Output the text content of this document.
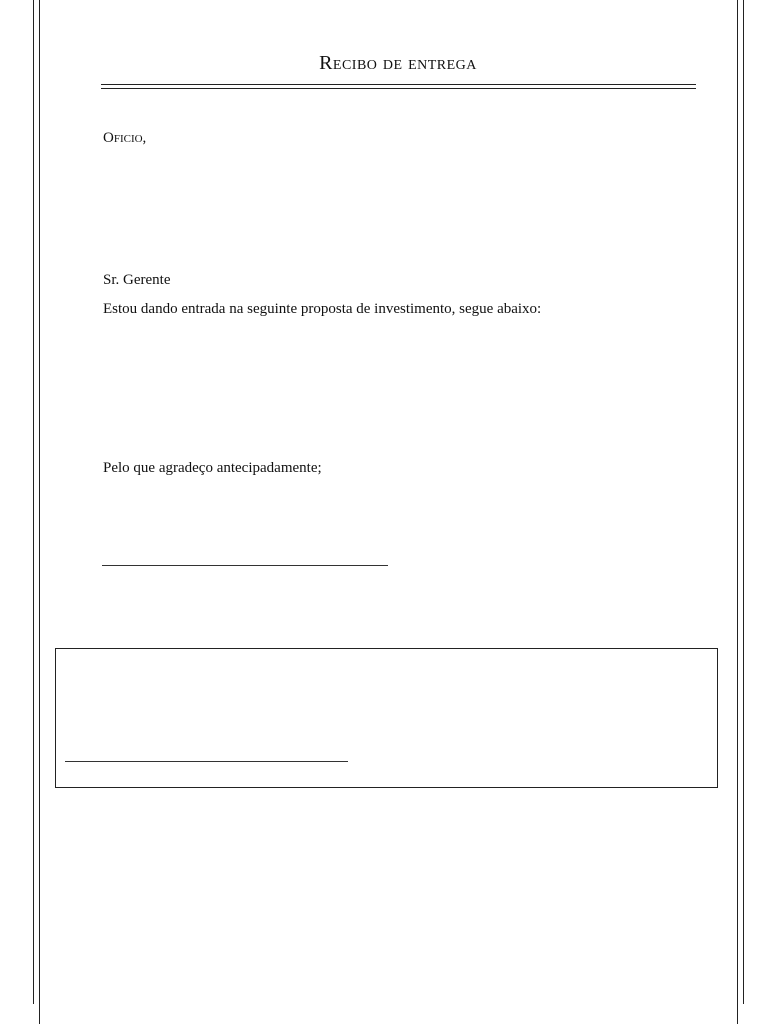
Recibo de entrega
Oficio,
Sr. Gerente
Estou dando entrada na seguinte proposta de investimento, segue abaixo:
Pelo que agradeço antecipadamente;
